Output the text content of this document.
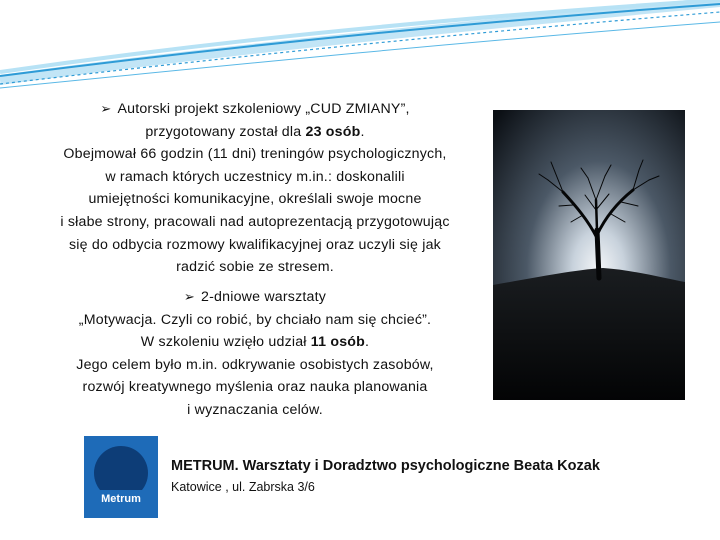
➢ Autorski projekt szkoleniowy „CUD ZMIANY”,
przygotowany został dla 23 osób.
Obejmował 66 godzin (11 dni) treningów psychologicznych,
w ramach których uczestnicy m.in.: doskonalili
umiejętności komunikacyjne, określali swoje mocne
i słabe strony, pracowali nad autoprezentacją przygotowując
się do odbycia rozmowy kwalifikacyjnej oraz uczyli się jak
radzić sobie ze stresem.
➢ 2-dniowe warsztaty
„Motywacja. Czyli co robić, by chciało nam się chcieć”.
W szkoleniu wzięło udział 11 osób.
Jego celem było m.in. odkrywanie osobistych zasobów,
rozwój kreatywnego myślenia oraz nauka planowania
i wyznaczania celów.
Metrum
METRUM. Warsztaty i Doradztwo psychologiczne Beata Kozak
Katowice , ul. Zabrska 3/6
